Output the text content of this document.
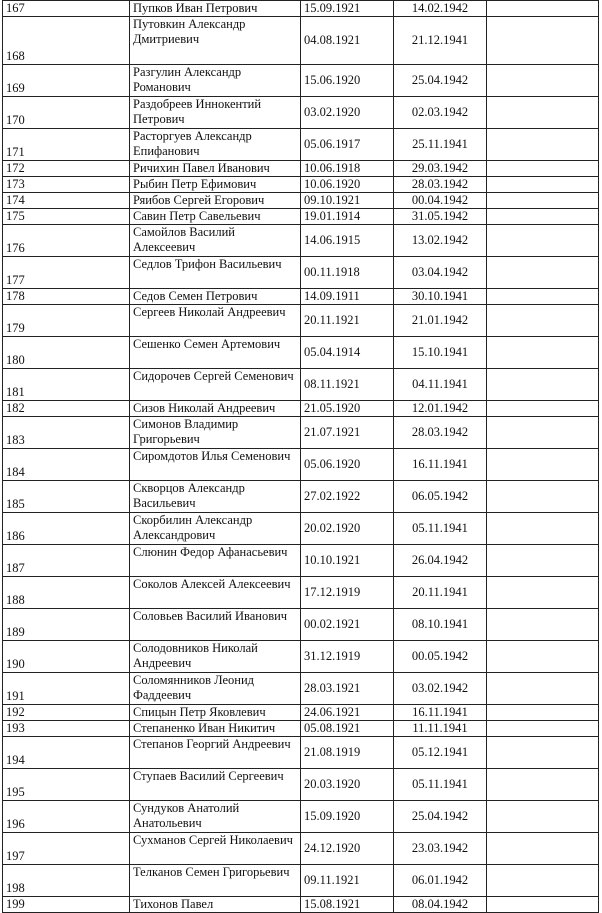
167	Пупков Иван Петрович	15.09.1921	14.02.1942	
168	Путовкин Александр Дмитриевич	04.08.1921	21.12.1941	
169	Разгулин Александр Романович	15.06.1920	25.04.1942	
170	Раздобреев Иннокентий Петрович	03.02.1920	02.03.1942	
171	Расторгуев Александр Епифанович	05.06.1917	25.11.1941	
172	Ричихин Павел Иванович	10.06.1918	29.03.1942	
173	Рыбин Петр Ефимович	10.06.1920	28.03.1942	
174	Ряибов Сергей Егорович	09.10.1921	00.04.1942	
175	Савин Петр Савельевич	19.01.1914	31.05.1942	
176	Самойлов Василий Алексеевич	14.06.1915	13.02.1942	
177	Седлов Трифон Васильевич	00.11.1918	03.04.1942	
178	Седов Семен Петрович	14.09.1911	30.10.1941	
179	Сергеев Николай Андреевич	20.11.1921	21.01.1942	
180	Сешенко Семен Артемович	05.04.1914	15.10.1941	
181	Сидорочев Сергей Семенович	08.11.1921	04.11.1941	
182	Сизов Николай Андреевич	21.05.1920	12.01.1942	
183	Симонов Владимир Григорьевич	21.07.1921	28.03.1942	
184	Сиромдотов Илья Семенович	05.06.1920	16.11.1941	
185	Скворцов Александр Васильевич	27.02.1922	06.05.1942	
186	Скорбилин Александр Александрович	20.02.1920	05.11.1941	
187	Слюнин Федор Афанасьевич	10.10.1921	26.04.1942	
188	Соколов Алексей Алексеевич	17.12.1919	20.11.1941	
189	Соловьев Василий Иванович	00.02.1921	08.10.1941	
190	Солодовников Николай Андреевич	31.12.1919	00.05.1942	
191	Соломянников Леонид Фаддеевич	28.03.1921	03.02.1942	
192	Спицын Петр Яковлевич	24.06.1921	16.11.1941	
193	Степаненко Иван Никитич	05.08.1921	11.11.1941	
194	Степанов Георгий Андреевич	21.08.1919	05.12.1941	
195	Ступаев Василий Сергеевич	20.03.1920	05.11.1941	
196	Сундуков Анатолий Анатольевич	15.09.1920	25.04.1942	
197	Сухманов Сергей Николаевич	24.12.1920	23.03.1942	
198	Телканов Семен Григорьевич	09.11.1921	06.01.1942	
199	Тихонов Павел	15.08.1921	08.04.1942	
